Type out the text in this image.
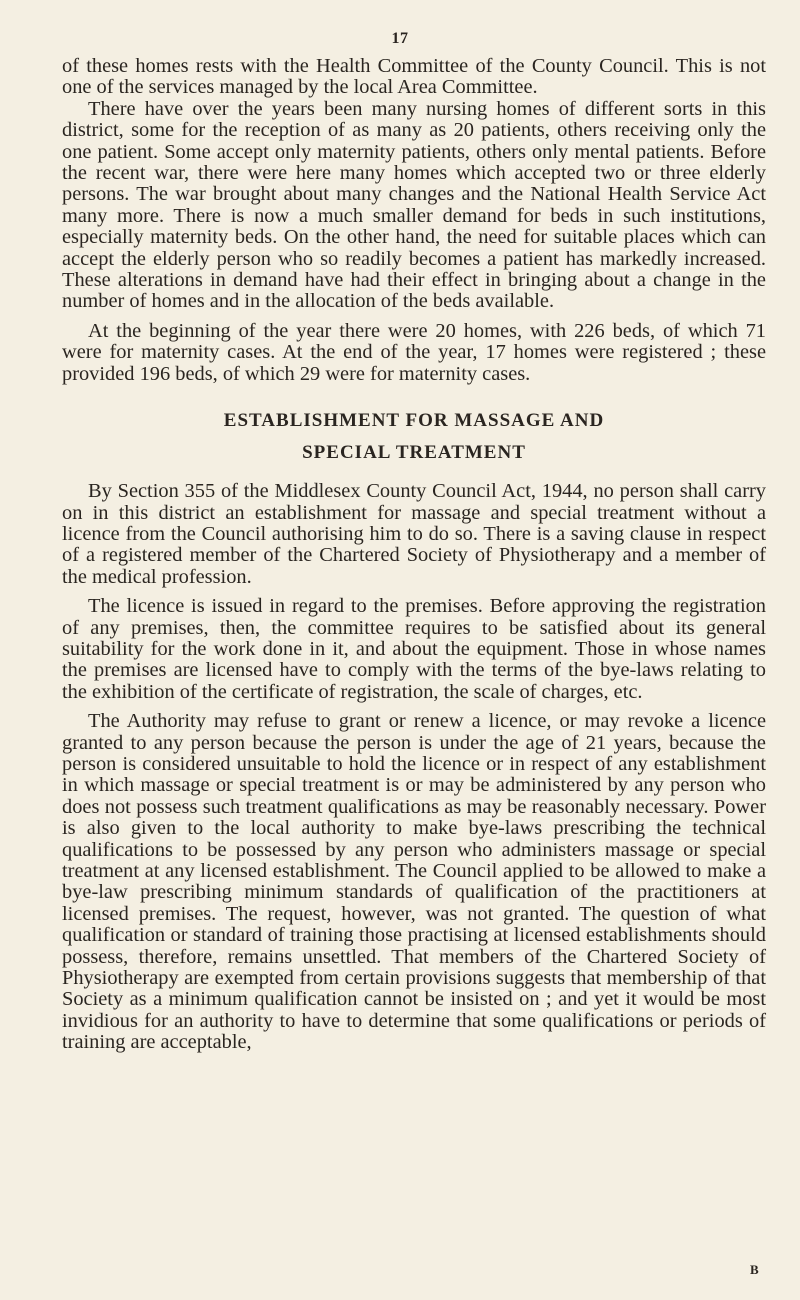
17

of these homes rests with the Health Committee of the County Council. This is not one of the services managed by the local Area Committee.

There have over the years been many nursing homes of different sorts in this district, some for the reception of as many as 20 patients, others receiving only the one patient. Some accept only maternity patients, others only mental patients. Before the recent war, there were here many homes which accepted two or three elderly persons. The war brought about many changes and the National Health Service Act many more. There is now a much smaller demand for beds in such institutions, especially maternity beds. On the other hand, the need for suitable places which can accept the elderly person who so readily becomes a patient has markedly increased. These alterations in demand have had their effect in bringing about a change in the number of homes and in the allocation of the beds available.

At the beginning of the year there were 20 homes, with 226 beds, of which 71 were for maternity cases. At the end of the year, 17 homes were registered ; these provided 196 beds, of which 29 were for maternity cases.

ESTABLISHMENT FOR MASSAGE AND
SPECIAL TREATMENT

By Section 355 of the Middlesex County Council Act, 1944, no person shall carry on in this district an establishment for massage and special treatment without a licence from the Council authorising him to do so. There is a saving clause in respect of a registered member of the Chartered Society of Physiotherapy and a member of the medical profession.

The licence is issued in regard to the premises. Before approving the registration of any premises, then, the committee requires to be satisfied about its general suitability for the work done in it, and about the equipment. Those in whose names the premises are licensed have to comply with the terms of the bye-laws relating to the exhibition of the certificate of registration, the scale of charges, etc.

The Authority may refuse to grant or renew a licence, or may revoke a licence granted to any person because the person is under the age of 21 years, because the person is considered unsuitable to hold the licence or in respect of any establishment in which massage or special treatment is or may be administered by any person who does not possess such treatment qualifications as may be reasonably necessary. Power is also given to the local authority to make bye-laws prescribing the technical qualifications to be possessed by any person who administers massage or special treatment at any licensed establishment. The Council applied to be allowed to make a bye-law prescribing minimum standards of qualification of the practitioners at licensed premises. The request, however, was not granted. The question of what qualification or standard of training those practising at licensed establishments should possess, therefore, remains unsettled. That members of the Chartered Society of Physiotherapy are exempted from certain provisions suggests that membership of that Society as a minimum qualification cannot be insisted on ; and yet it would be most invidious for an authority to have to determine that some qualifications or periods of training are acceptable,

B
